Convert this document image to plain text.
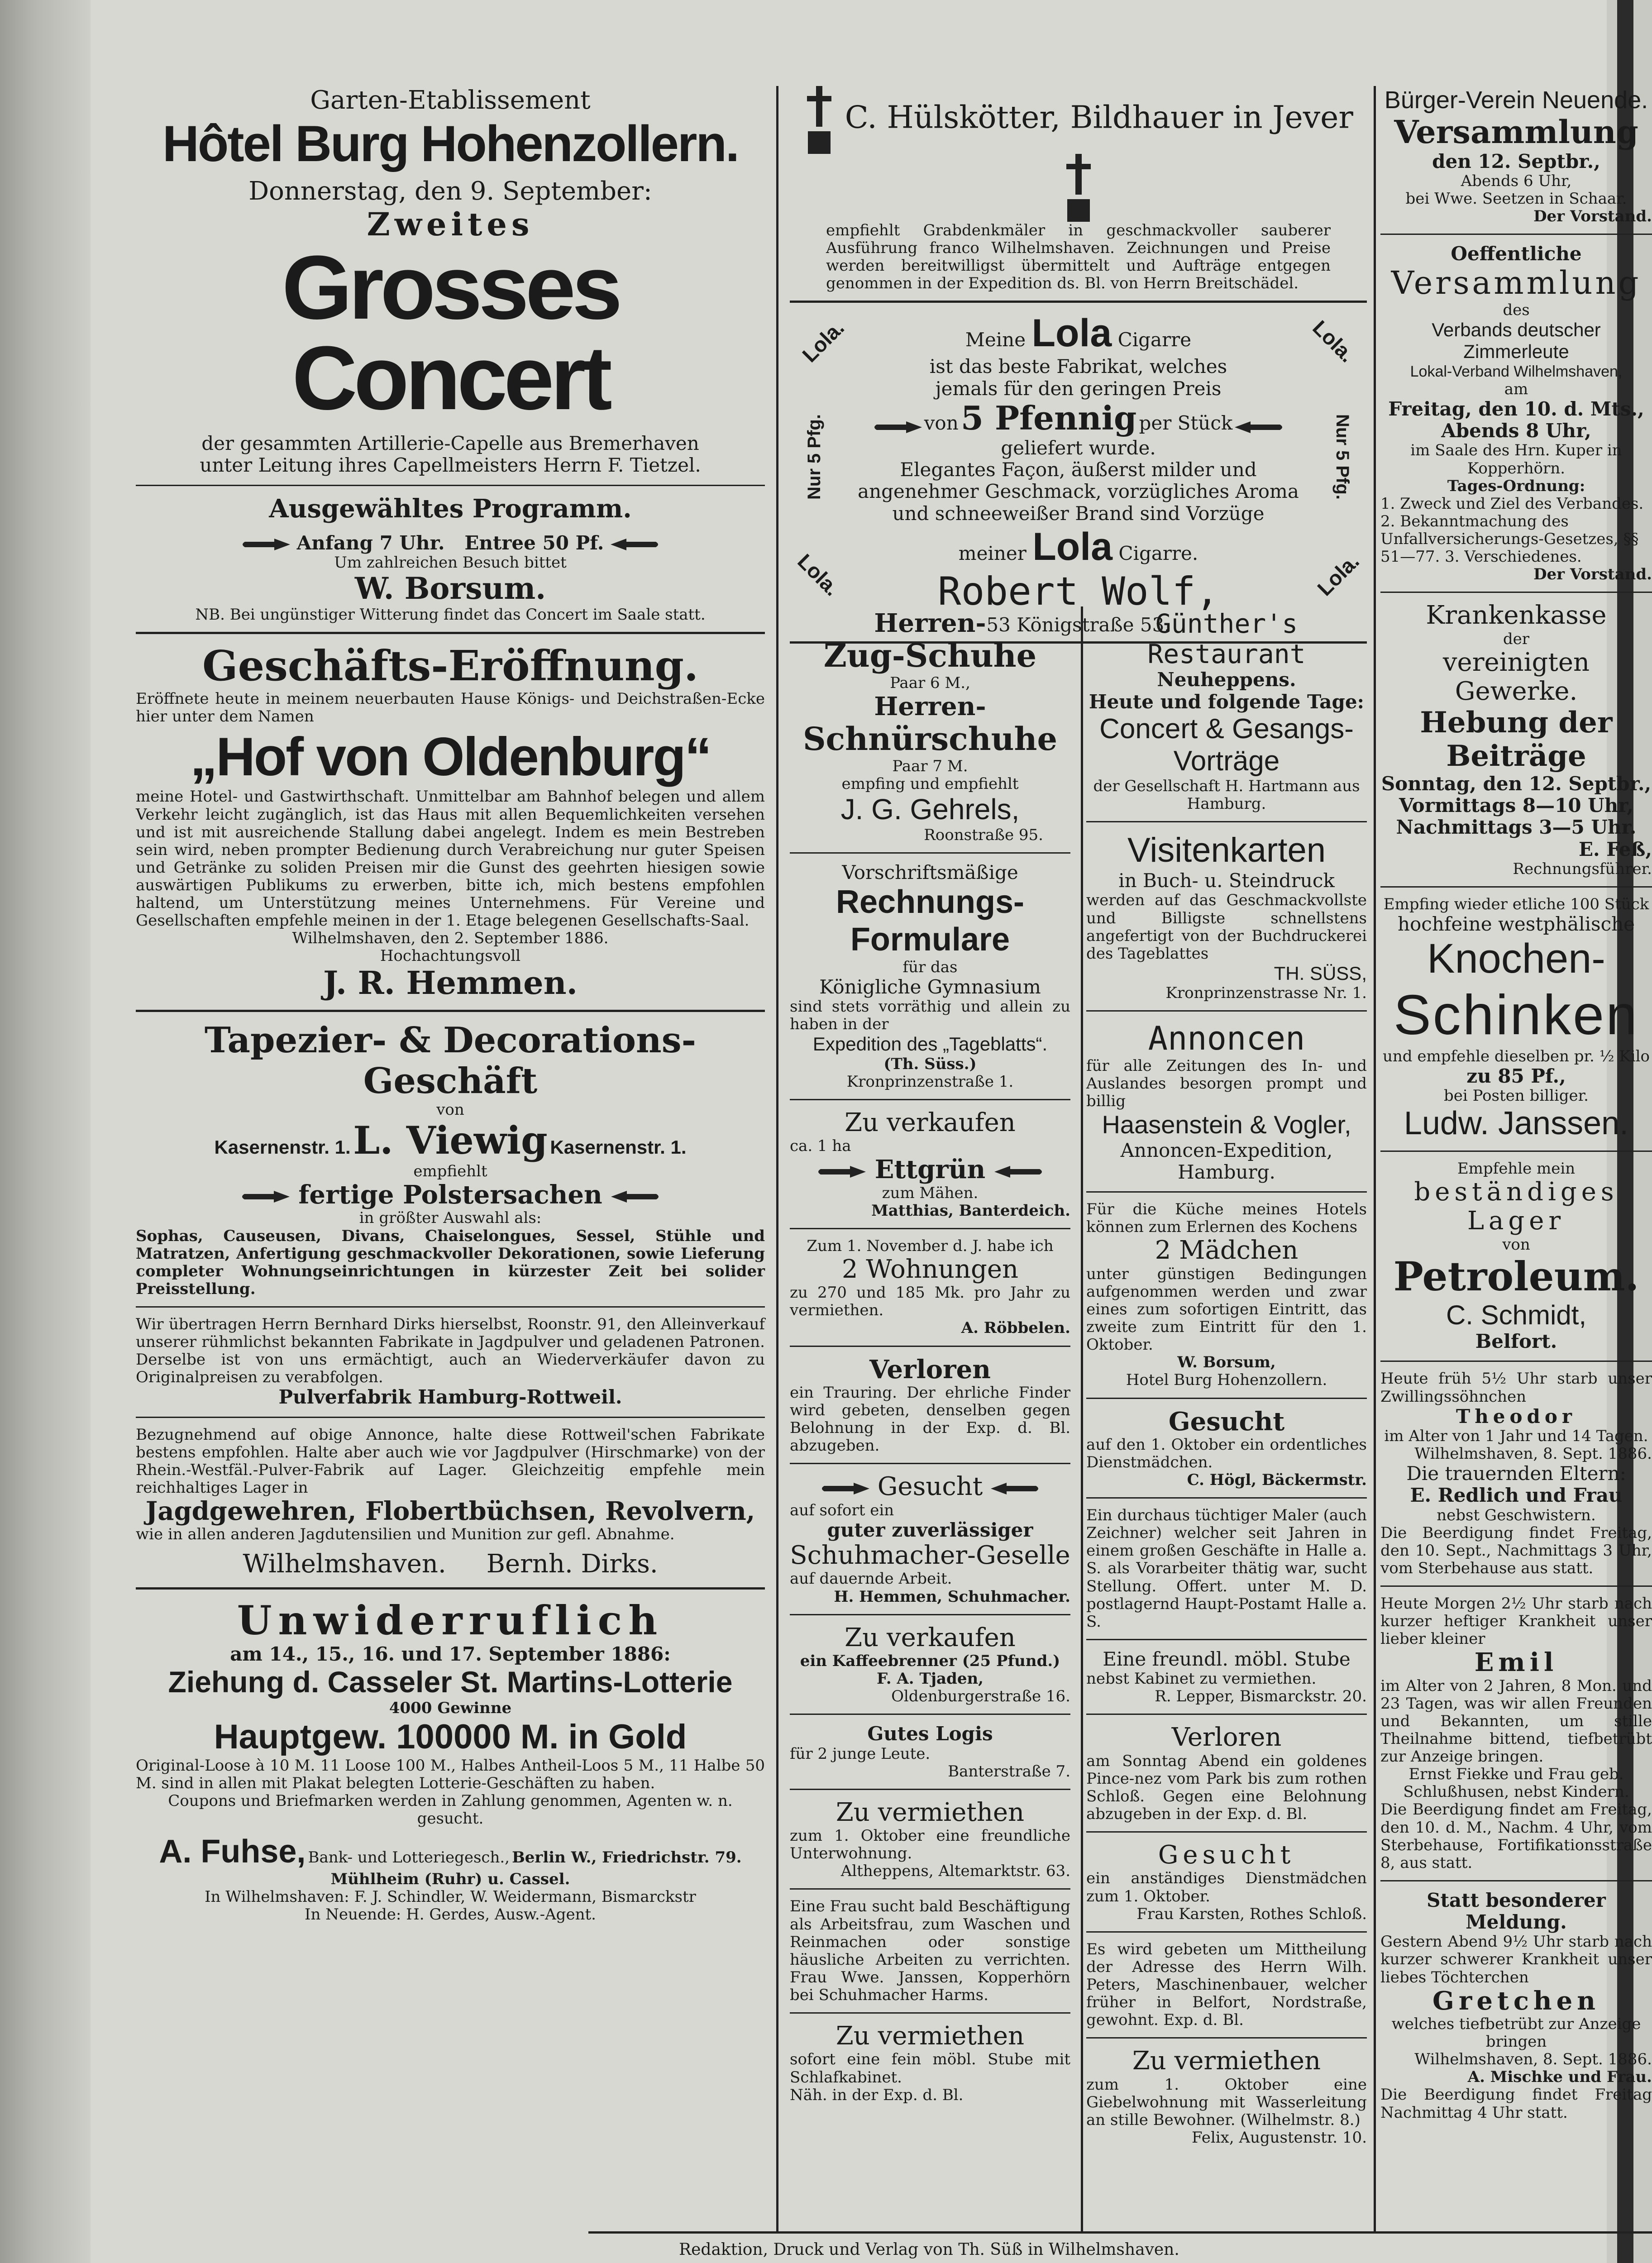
Garten-Etablissement

Hôtel Burg Hohenzollern.

Donnerstag, den 9. September:

Zweites

Grosses Concert

der gesammten Artillerie-Capelle aus Bremerhaven

unter Leitung ihres Capellmeisters Herrn F. Tietzel.

Ausgewähltes Programm.

Anfang 7 Uhr. Entree 50 Pf.

Um zahlreichen Besuch bittet

W. Borsum.

NB. Bei ungünstiger Witterung findet das Concert im Saale statt.

Geschäfts-Eröffnung.

Eröffnete heute in meinem neuerbauten Hause Königs- und Deichstraßen-Ecke hier unter dem Namen

„Hof von Oldenburg“

meine Hotel- und Gastwirthschaft. Unmittelbar am Bahnhof belegen und allem Verkehr leicht zugänglich, ist das Haus mit allen Bequemlichkeiten versehen und ist mit ausreichende Stallung dabei angelegt. Indem es mein Bestreben sein wird, neben prompter Bedienung durch Verabreichung nur guter Speisen und Getränke zu soliden Preisen mir die Gunst des geehrten hiesigen sowie auswärtigen Publikums zu erwerben, bitte ich, mich bestens empfohlen haltend, um Unterstützung meines Unternehmens. Für Vereine und Gesellschaften empfehle meinen in der 1. Etage belegenen Gesellschafts-Saal.

Wilhelmshaven, den 2. September 1886.

Hochachtungsvoll

J. R. Hemmen.

Tapezier- & Decorations-Geschäft

von

Kasernenstr. 1. L. Viewig Kasernenstr. 1.

empfiehlt

fertige Polstersachen

in größter Auswahl als:

Sophas, Causeusen, Divans, Chaiselongues, Sessel, Stühle und Matratzen, Anfertigung geschmackvoller Dekorationen, sowie Lieferung completer Wohnungseinrichtungen in kürzester Zeit bei solider Preisstellung.

Wir übertragen Herrn Bernhard Dirks hierselbst, Roonstr. 91, den Alleinverkauf unserer rühmlichst bekannten Fabrikate in Jagdpulver und geladenen Patronen. Derselbe ist von uns ermächtigt, auch an Wiederverkäufer davon zu Originalpreisen zu verabfolgen.

Pulverfabrik Hamburg-Rottweil.

Bezugnehmend auf obige Annonce, halte diese Rottweil'schen Fabrikate bestens empfohlen. Halte aber auch wie vor Jagdpulver (Hirschmarke) von der Rhein.-Westfäl.-Pulver-Fabrik auf Lager. Gleichzeitig empfehle mein reichhaltiges Lager in

Jagdgewehren, Flobertbüchsen, Revolvern,

wie in allen anderen Jagdutensilien und Munition zur gefl. Abnahme.

Wilhelmshaven. Bernh. Dirks.

Unwiderruflich

am 14., 15., 16. und 17. September 1886:

Ziehung d. Casseler St. Martins-Lotterie

4000 Gewinne

Hauptgew. 100000 M. in Gold

Original-Loose à 10 M. 11 Loose 100 M., Halbes Antheil-Loos 5 M., 11 Halbe 50 M. sind in allen mit Plakat belegten Lotterie-Geschäften zu haben.

Coupons und Briefmarken werden in Zahlung genommen, Agenten w. n. gesucht.

A. Fuhse, Bank- und Lotteriegesch., Berlin W., Friedrichstr. 79. Mühlheim (Ruhr) u. Cassel.

In Wilhelmshaven: F. J. Schindler, W. Weidermann, Bismarckstr

In Neuende: H. Gerdes, Ausw.-Agent.

C. Hülskötter, Bildhauer in Jever

empfiehlt Grabdenkmäler in geschmackvoller sauberer Ausführung franco Wilhelmshaven. Zeichnungen und Preise werden bereitwilligst übermittelt und Aufträge entgegen genommen in der Expedition ds. Bl. von Herrn Breitschädel.

Lola.	Lola.
Lola.	Lola.
Nur 5 Pfg.	Nur 5 Pfg.

Meine Lola Cigarre

ist das beste Fabrikat, welches jemals für den geringen Preis

von 5 Pfennig per Stück

geliefert wurde.

Elegantes Façon, äußerst milder und angenehmer Geschmack, vorzügliches Aroma und schneeweißer Brand sind Vorzüge

meiner Lola Cigarre.

Robert Wolf,

53 Königstraße 53.

Herren-

Zug-Schuhe

Paar 6 M.,

Herren-

Schnürschuhe

Paar 7 M.

empfing und empfiehlt

J. G. Gehrels,

Roonstraße 95.

Vorschriftsmäßige

Rechnungs-

Formulare

für das

Königliche Gymnasium

sind stets vorräthig und allein zu haben in der

Expedition des „Tageblatts“.

(Th. Süss.)

Kronprinzenstraße 1.

Zu verkaufen

ca. 1 ha

Ettgrün

zum Mähen.

Matthias, Banterdeich.

Zum 1. November d. J. habe ich

2 Wohnungen

zu 270 und 185 Mk. pro Jahr zu vermiethen.

A. Röbbelen.

Verloren

ein Trauring. Der ehrliche Finder wird gebeten, denselben gegen Belohnung in der Exp. d. Bl. abzugeben.

Gesucht

auf sofort ein

guter zuverlässiger

Schuhmacher-Geselle

auf dauernde Arbeit.

H. Hemmen, Schuhmacher.

Zu verkaufen

ein Kaffeebrenner (25 Pfund.)

F. A. Tjaden,

Oldenburgerstraße 16.

Gutes Logis

für 2 junge Leute.

Banterstraße 7.

Zu vermiethen

zum 1. Oktober eine freundliche Unterwohnung.

Altheppens, Altemarktstr. 63.

Eine Frau sucht bald Beschäftigung als Arbeitsfrau, zum Waschen und Reinmachen oder sonstige häusliche Arbeiten zu verrichten. Frau Wwe. Janssen, Kopperhörn bei Schuhmacher Harms.

Zu vermiethen

sofort eine fein möbl. Stube mit Schlafkabinet.

Näh. in der Exp. d. Bl.

Günther's Restaurant

Neuheppens.

Heute und folgende Tage:

Concert & Gesangs-

Vorträge

der Gesellschaft H. Hartmann aus Hamburg.

Visitenkarten

in Buch- u. Steindruck

werden auf das Geschmackvollste und Billigste schnellstens angefertigt von der Buchdruckerei des Tageblattes

TH. SÜSS,

Kronprinzenstrasse Nr. 1.

Annoncen

für alle Zeitungen des In- und Auslandes besorgen prompt und billig

Haasenstein & Vogler,

Annoncen-Expedition,

Hamburg.

Für die Küche meines Hotels können zum Erlernen des Kochens

2 Mädchen

unter günstigen Bedingungen aufgenommen werden und zwar eines zum sofortigen Eintritt, das zweite zum Eintritt für den 1. Oktober.

W. Borsum,

Hotel Burg Hohenzollern.

Gesucht

auf den 1. Oktober ein ordentliches Dienstmädchen.

C. Högl, Bäckermstr.

Ein durchaus tüchtiger Maler (auch Zeichner) welcher seit Jahren in einem großen Geschäfte in Halle a. S. als Vorarbeiter thätig war, sucht Stellung. Offert. unter M. D. postlagernd Haupt-Postamt Halle a. S.

Eine freundl. möbl. Stube

nebst Kabinet zu vermiethen.

R. Lepper, Bismarckstr. 20.

Verloren

am Sonntag Abend ein goldenes Pince-nez vom Park bis zum rothen Schloß. Gegen eine Belohnung abzugeben in der Exp. d. Bl.

Gesucht

ein anständiges Dienstmädchen zum 1. Oktober.

Frau Karsten, Rothes Schloß.

Es wird gebeten um Mittheilung der Adresse des Herrn Wilh. Peters, Maschinenbauer, welcher früher in Belfort, Nordstraße, gewohnt. Exp. d. Bl.

Zu vermiethen

zum 1. Oktober eine Giebelwohnung mit Wasserleitung an stille Bewohner. (Wilhelmstr. 8.)

Felix, Augustenstr. 10.

Bürger-Verein Neuende.

Versammlung

den 12. Septbr.,

Abends 6 Uhr,

bei Wwe. Seetzen in Schaar.

Der Vorstand.

Oeffentliche

Versammlung

des

Verbands deutscher Zimmerleute

Lokal-Verband Wilhelmshaven,

am

Freitag, den 10. d. Mts.,

Abends 8 Uhr,

im Saale des Hrn. Kuper in Kopperhörn.

Tages-Ordnung:

1. Zweck und Ziel des Verbandes. 2. Bekanntmachung des Unfallversicherungs-Gesetzes, §§ 51—77. 3. Verschiedenes.

Der Vorstand.

Krankenkasse

der

vereinigten Gewerke.

Hebung der Beiträge

Sonntag, den 12. Septbr.,

Vormittags 8—10 Uhr,

Nachmittags 3—5 Uhr.

E. Feß,

Rechnungsführer.

Empfing wieder etliche 100 Stück

hochfeine westphälische

Knochen-

Schinken

und empfehle dieselben pr. ½ Kilo

zu 85 Pf.,

bei Posten billiger.

Ludw. Janssen.

Empfehle mein

beständiges Lager

von

Petroleum.

C. Schmidt,

Belfort.

Heute früh 5½ Uhr starb unser Zwillingssöhnchen

Theodor

im Alter von 1 Jahr und 14 Tagen.

Wilhelmshaven, 8. Sept. 1886.

Die trauernden Eltern:

E. Redlich und Frau

nebst Geschwistern.

Die Beerdigung findet Freitag, den 10. Sept., Nachmittags 3 Uhr, vom Sterbehause aus statt.

Heute Morgen 2½ Uhr starb nach kurzer heftiger Krankheit unser lieber kleiner

Emil

im Alter von 2 Jahren, 8 Mon. und 23 Tagen, was wir allen Freunden und Bekannten, um stille Theilnahme bittend, tiefbetrübt zur Anzeige bringen.

Ernst Fiekke und Frau geb. Schlußhusen, nebst Kindern.

Die Beerdigung findet am Freitag, den 10. d. M., Nachm. 4 Uhr, vom Sterbehause, Fortifikationsstraße 8, aus statt.

Statt besonderer Meldung.

Gestern Abend 9½ Uhr starb nach kurzer schwerer Krankheit unser liebes Töchterchen

Gretchen

welches tiefbetrübt zur Anzeige bringen

Wilhelmshaven, 8. Sept. 1886.

A. Mischke und Frau.

Die Beerdigung findet Freitag Nachmittag 4 Uhr statt.

Redaktion, Druck und Verlag von Th. Süß in Wilhelmshaven.
